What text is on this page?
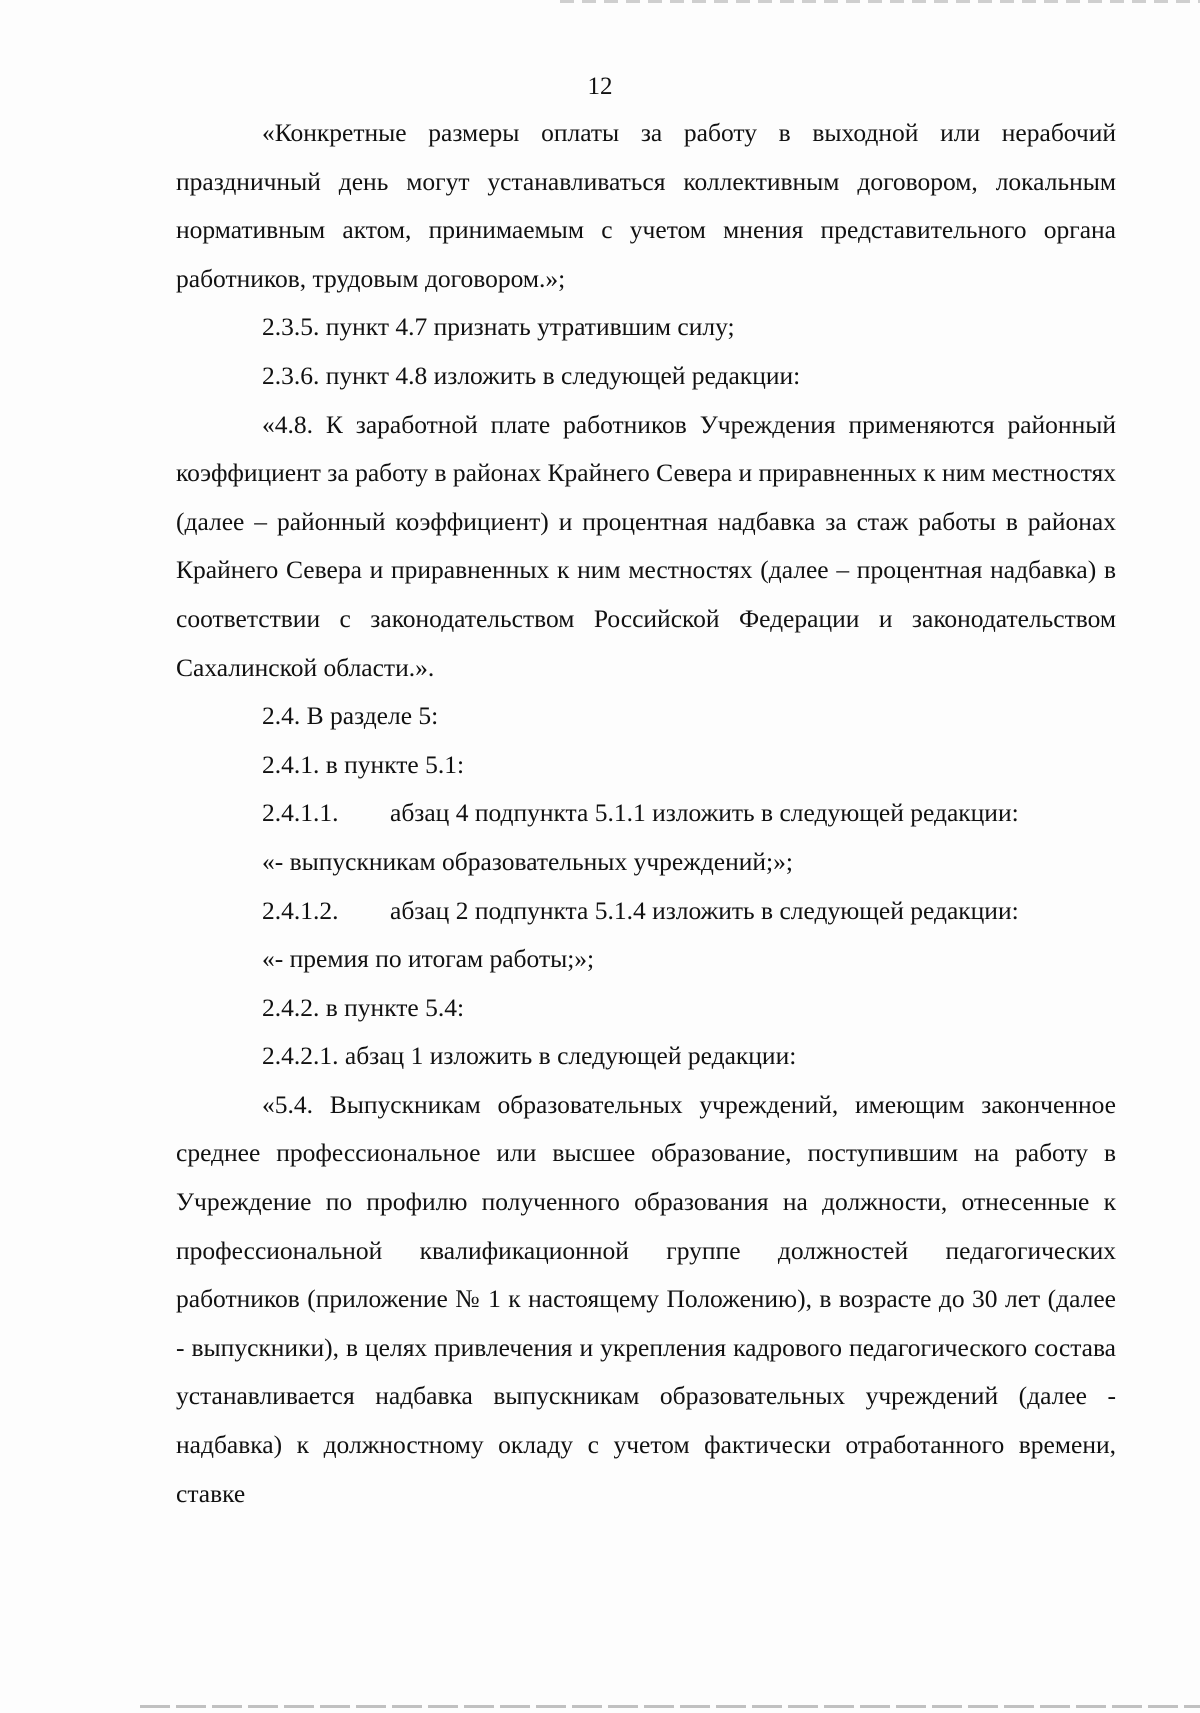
12

«Конкретные размеры оплаты за работу в выходной или нерабочий праздничный день могут устанавливаться коллективным договором, локальным нормативным актом, принимаемым с учетом мнения представительного органа работников, трудовым договором.»;

2.3.5. пункт 4.7 признать утратившим силу;

2.3.6. пункт 4.8 изложить в следующей редакции:

«4.8. К заработной плате работников Учреждения применяются районный коэффициент за работу в районах Крайнего Севера и приравненных к ним местностях (далее – районный коэффициент) и процентная надбавка за стаж работы в районах Крайнего Севера и приравненных к ним местностях (далее – процентная надбавка) в соответствии с законодательством Российской Федерации и законодательством Сахалинской области.».

2.4. В разделе 5:

2.4.1. в пункте 5.1:

2.4.1.1. абзац 4 подпункта 5.1.1 изложить в следующей редакции:

«- выпускникам образовательных учреждений;»;

2.4.1.2. абзац 2 подпункта 5.1.4 изложить в следующей редакции:

«- премия по итогам работы;»;

2.4.2. в пункте 5.4:

2.4.2.1. абзац 1 изложить в следующей редакции:

«5.4. Выпускникам образовательных учреждений, имеющим законченное среднее профессиональное или высшее образование, поступившим на работу в Учреждение по профилю полученного образования на должности, отнесенные к профессиональной квалификационной группе должностей педагогических работников (приложение № 1 к настоящему Положению), в возрасте до 30 лет (далее - выпускники), в целях привлечения и укрепления кадрового педагогического состава устанавливается надбавка выпускникам образовательных учреждений (далее - надбавка) к должностному окладу с учетом фактически отработанного времени, ставке
